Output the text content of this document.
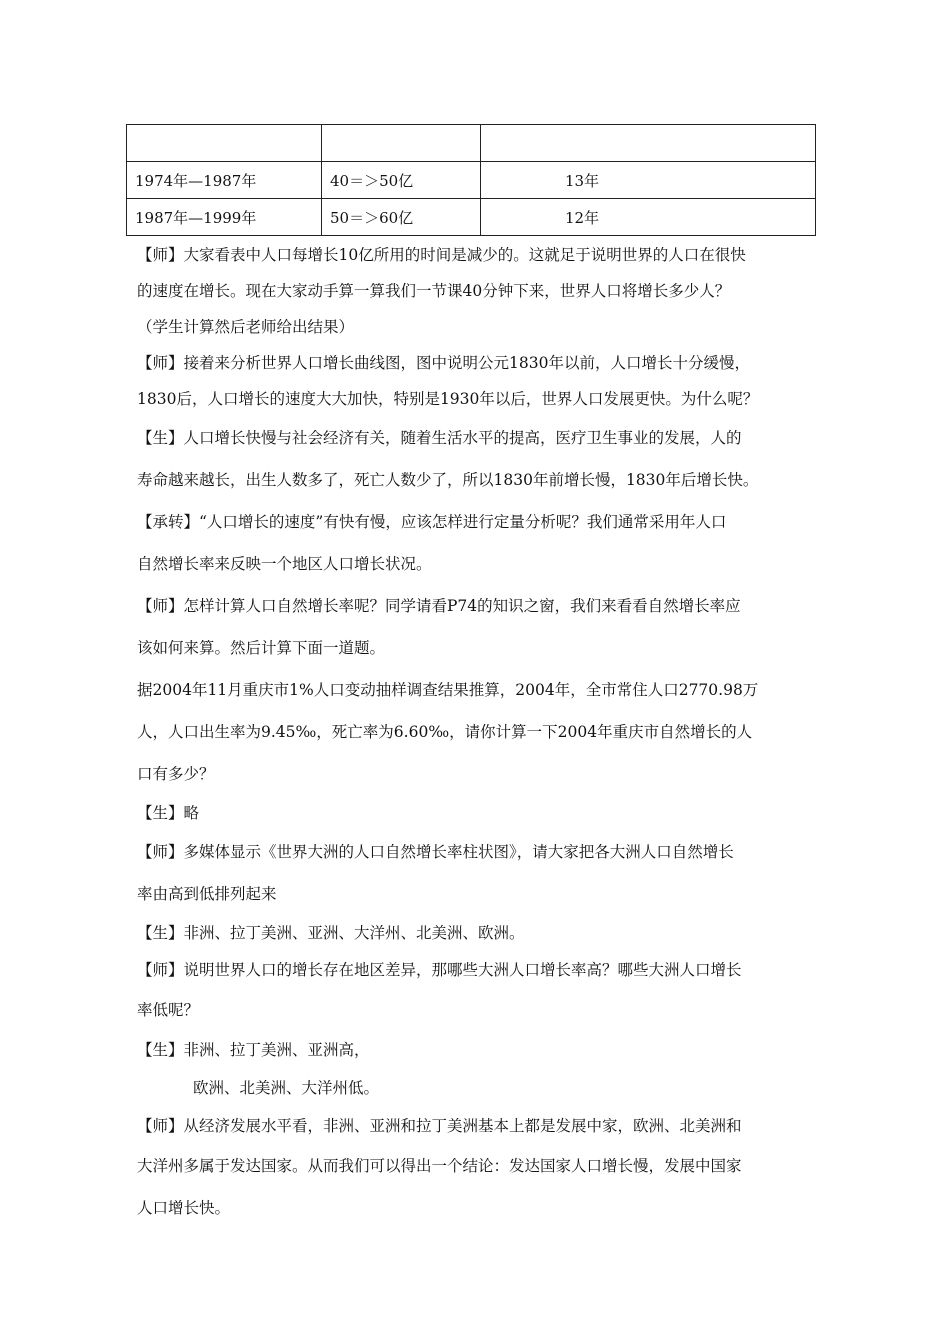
1974年—1987年	40＝＞50亿	13年
1987年—1999年	50＝＞60亿	12年

【师】大家看表中人口每增长10亿所用的时间是减少的。这就足于说明世界的人口在很快

的速度在增长。现在大家动手算一算我们一节课40分钟下来，世界人口将增长多少人？

（学生计算然后老师给出结果）

【师】接着来分析世界人口增长曲线图，图中说明公元1830年以前，人口增长十分缓慢，

1830后，人口增长的速度大大加快，特别是1930年以后，世界人口发展更快。为什么呢？

【生】人口增长快慢与社会经济有关，随着生活水平的提高，医疗卫生事业的发展，人的

寿命越来越长，出生人数多了，死亡人数少了，所以1830年前增长慢，1830年后增长快。

【承转】“人口增长的速度”有快有慢，应该怎样进行定量分析呢？我们通常采用年人口

自然增长率来反映一个地区人口增长状况。

【师】怎样计算人口自然增长率呢？同学请看P74的知识之窗，我们来看看自然增长率应

该如何来算。然后计算下面一道题。

据2004年11月重庆市1%人口变动抽样调查结果推算，2004年，全市常住人口2770.98万

人，人口出生率为9.45‰，死亡率为6.60‰，请你计算一下2004年重庆市自然增长的人

口有多少？

【生】略

【师】多媒体显示《世界大洲的人口自然增长率柱状图》，请大家把各大洲人口自然增长

率由高到低排列起来

【生】非洲、拉丁美洲、亚洲、大洋州、北美洲、欧洲。

【师】说明世界人口的增长存在地区差异，那哪些大洲人口增长率高？哪些大洲人口增长

率低呢？

【生】非洲、拉丁美洲、亚洲高，

欧洲、北美洲、大洋州低。

【师】从经济发展水平看，非洲、亚洲和拉丁美洲基本上都是发展中家，欧洲、北美洲和

大洋州多属于发达国家。从而我们可以得出一个结论：发达国家人口增长慢，发展中国家

人口增长快。
